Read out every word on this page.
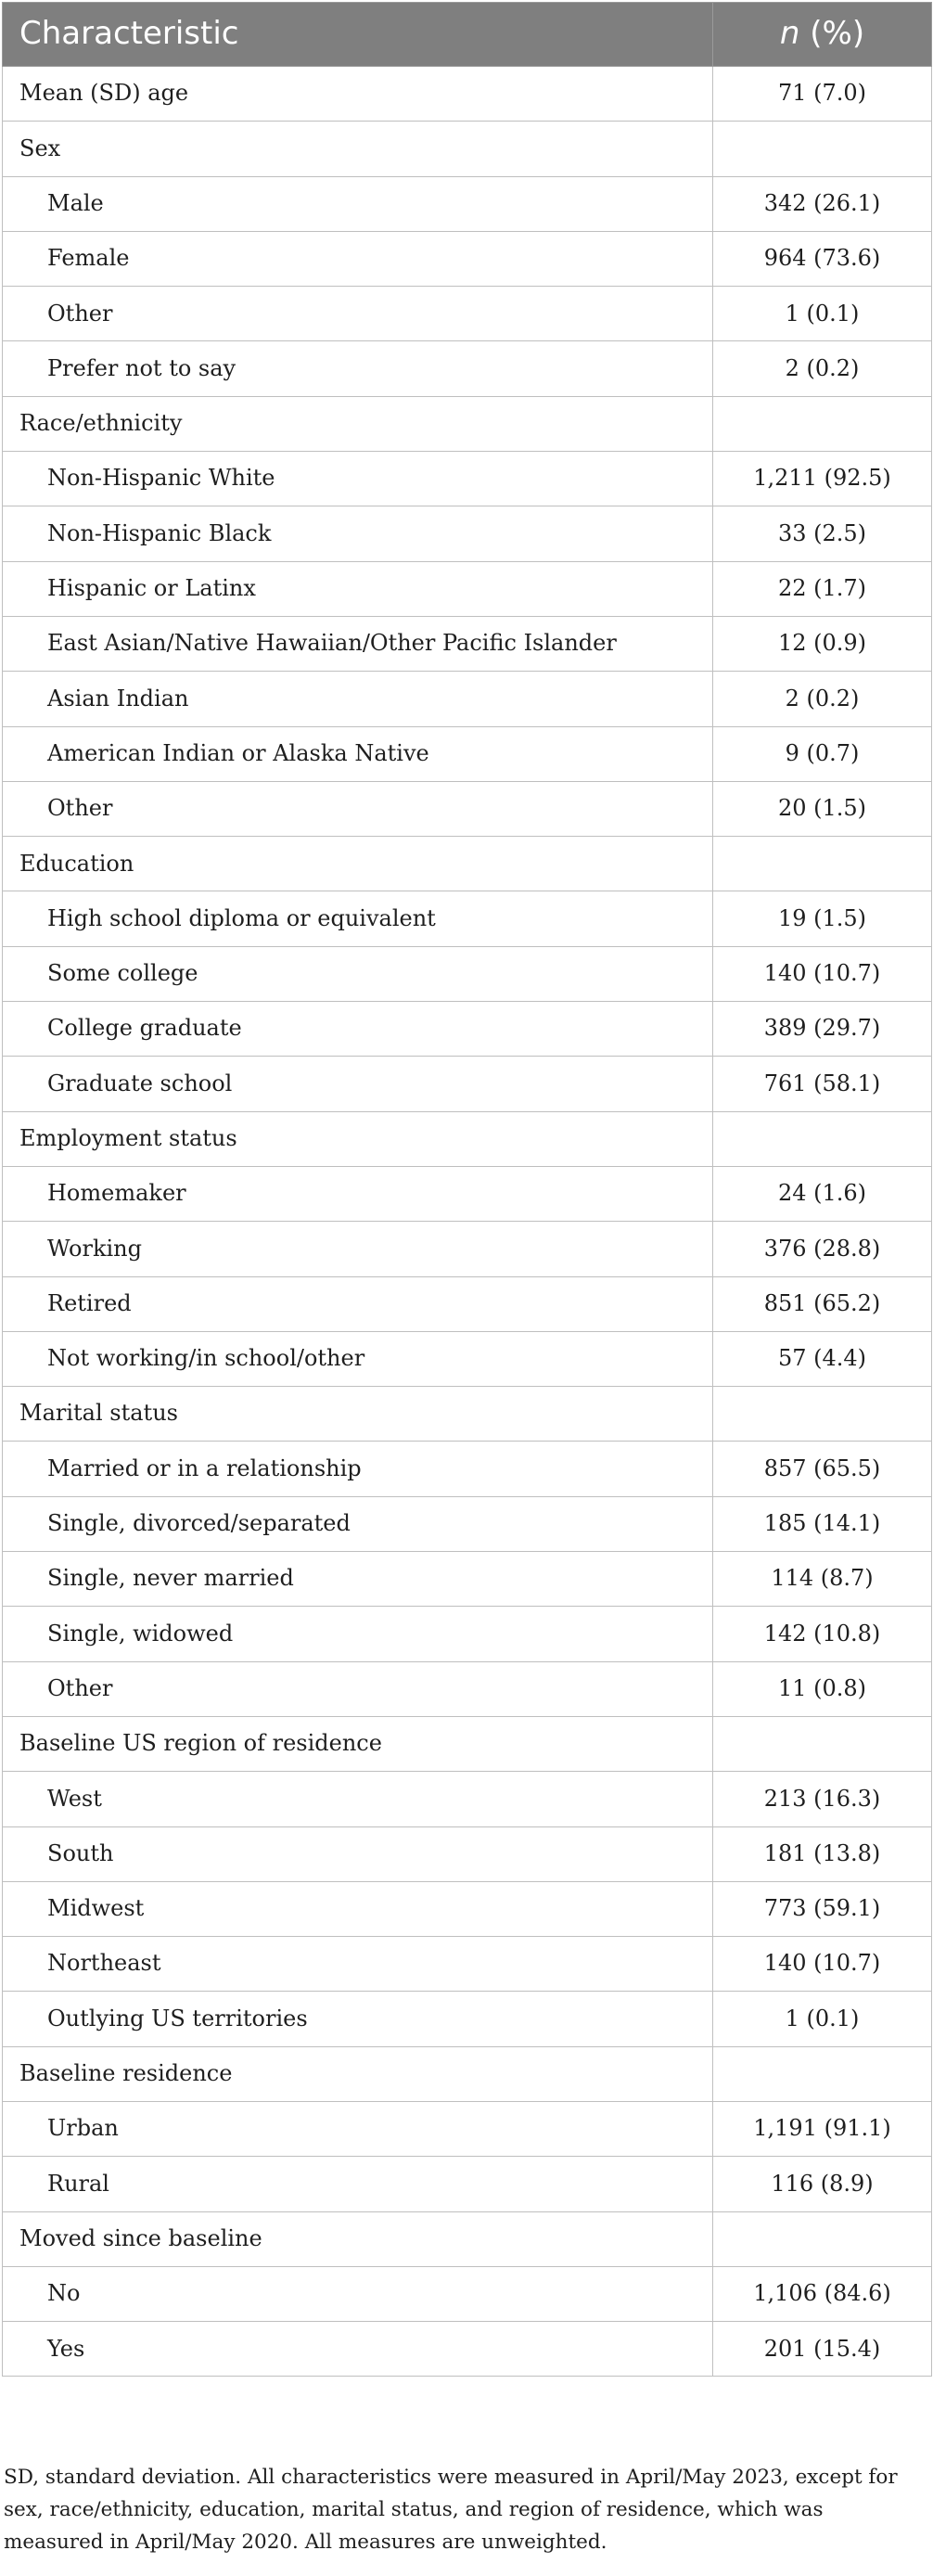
Characteristic	n (%)
Mean (SD) age	71 (7.0)
Sex	
Male	342 (26.1)
Female	964 (73.6)
Other	1 (0.1)
Prefer not to say	2 (0.2)
Race/ethnicity	
Non-Hispanic White	1,211 (92.5)
Non-Hispanic Black	33 (2.5)
Hispanic or Latinx	22 (1.7)
East Asian/Native Hawaiian/Other Pacific Islander	12 (0.9)
Asian Indian	2 (0.2)
American Indian or Alaska Native	9 (0.7)
Other	20 (1.5)
Education	
High school diploma or equivalent	19 (1.5)
Some college	140 (10.7)
College graduate	389 (29.7)
Graduate school	761 (58.1)
Employment status	
Homemaker	24 (1.6)
Working	376 (28.8)
Retired	851 (65.2)
Not working/in school/other	57 (4.4)
Marital status	
Married or in a relationship	857 (65.5)
Single, divorced/separated	185 (14.1)
Single, never married	114 (8.7)
Single, widowed	142 (10.8)
Other	11 (0.8)
Baseline US region of residence	
West	213 (16.3)
South	181 (13.8)
Midwest	773 (59.1)
Northeast	140 (10.7)
Outlying US territories	1 (0.1)
Baseline residence	
Urban	1,191 (91.1)
Rural	116 (8.9)
Moved since baseline	
No	1,106 (84.6)
Yes	201 (15.4)
SD, standard deviation. All characteristics were measured in April/May 2023, except for sex, race/ethnicity, education, marital status, and region of residence, which was measured in April/May 2020. All measures are unweighted.
